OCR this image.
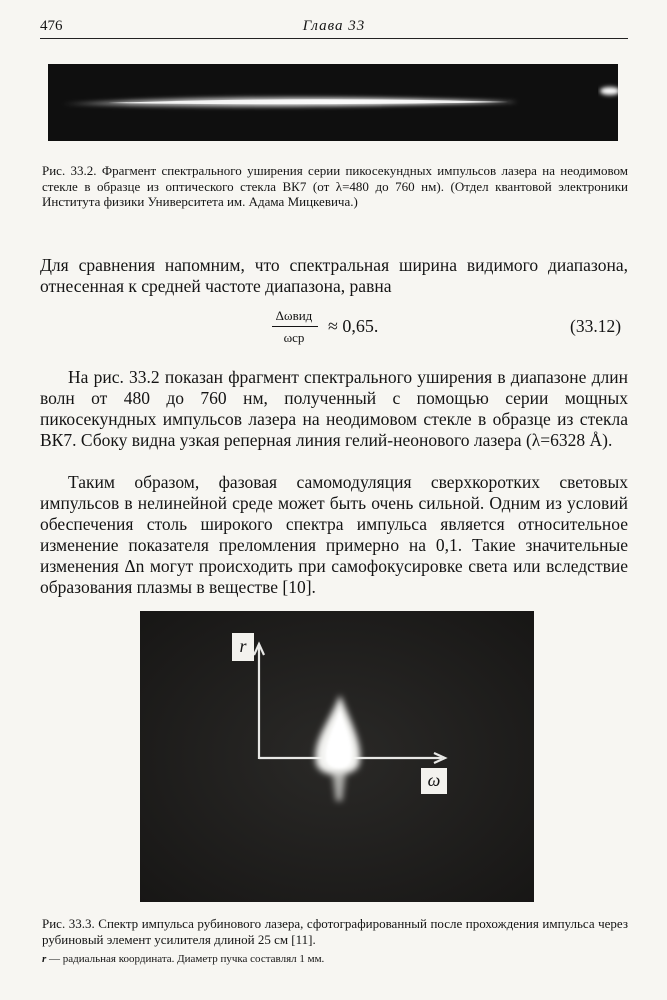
476	Глава 33
Рис. 33.2. Фрагмент спектрального уширения серии пикосекундных импульсов лазера на неодимовом стекле в образце из оптического стекла ВК7 (от λ=480 до 760 нм). (Отдел квантовой электроники Института физики Университета им. Адама Мицкевича.)
Для сравнения напомним, что спектральная ширина видимого диапазона, отнесенная к средней частоте диапазона, равна
Δωвид
ωср
≈ 0,65.	(33.12)
На рис. 33.2 показан фрагмент спектрального уширения в диапазоне длин волн от 480 до 760 нм, полученный с помощью серии мощных пикосекундных импульсов лазера на неодимовом стекле в образце из стекла ВК7. Сбоку видна узкая реперная линия гелий-неонового лазера (λ=6328 Å).
Таким образом, фазовая самомодуляция сверхкоротких световых импульсов в нелинейной среде может быть очень сильной. Одним из условий обеспечения столь широкого спектра импульса является относительное изменение показателя преломления примерно на 0,1. Такие значительные изменения Δn могут происходить при самофокусировке света или вследствие образования плазмы в веществе [10].
r
ω
Рис. 33.3. Спектр импульса рубинового лазера, сфотографированный после прохождения импульса через рубиновый элемент усилителя длиной 25 см [11].
r — радиальная координата. Диаметр пучка составлял 1 мм.
